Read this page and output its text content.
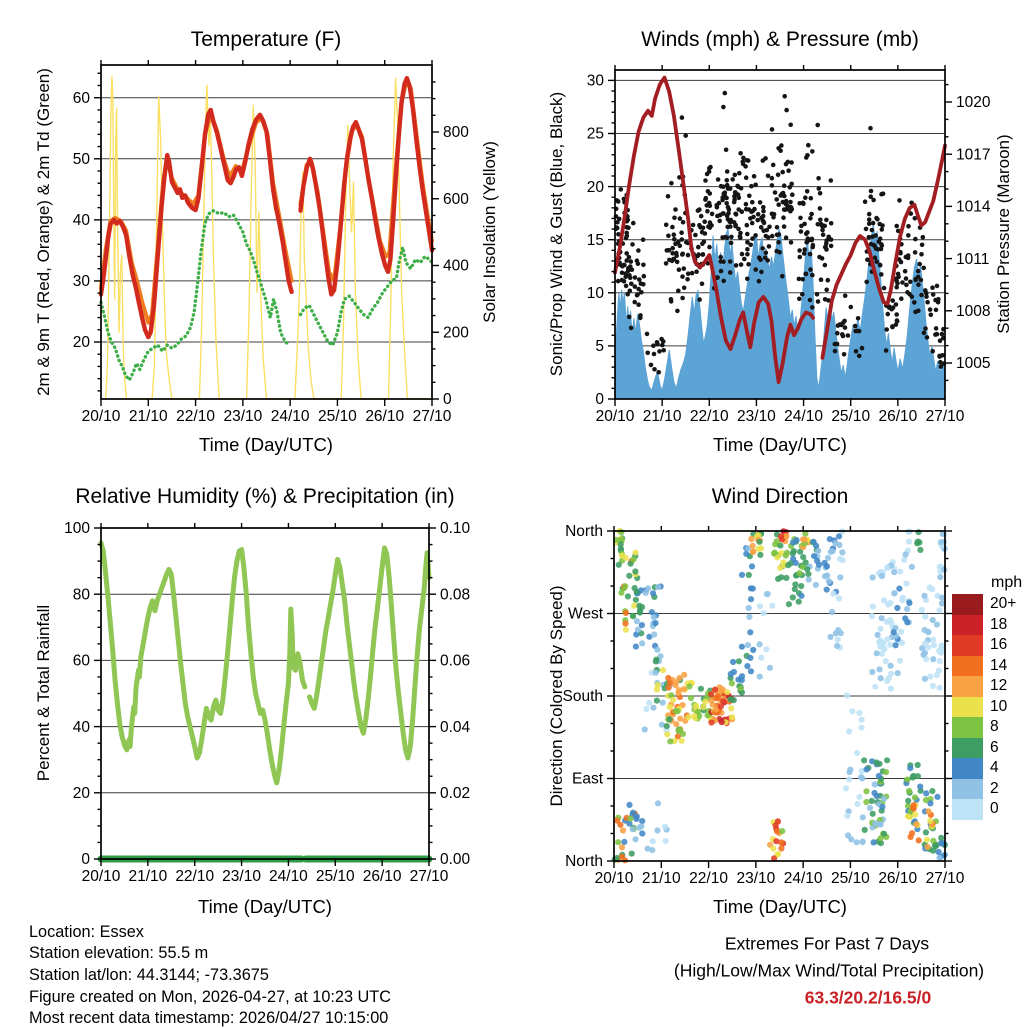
20
30
40
50
60
0
200
400
600
800
20/10 21/10 22/10 23/10 24/10 25/10 26/10 27/10
0
5
10
15
20
25
30
1005
1008
1011
1014
1017
1020
20/10 21/10 22/10 23/10 24/10 25/10 26/10 27/10
0
20
40
60
80
100
0.00
0.02
0.04
0.06
0.08
0.10
20/10 21/10 22/10 23/10 24/10 25/10 26/10 27/10
North
West
South
East
North
20/10 21/10 22/10 23/10 24/10 25/10 26/10 27/10
Temperature (F)	Winds (mph) & Pressure (mb)
Relative Humidity (%) & Precipitation (in)	Wind Direction
Time (Day/UTC)	Time (Day/UTC)
Time (Day/UTC)	Time (Day/UTC)
2m & 9m T (Red, Orange) & 2m Td (Green)	Solar Insolation (Yellow)	Sonic/Prop Wind & Gust (Blue, Black)	Station Pressure (Maroon)
Percent & Total Rainfall	Direction (Colored By Speed)
mph
20+
18
16
14
12
10
8
6
4
2
0
Extremes For Past 7 Days
(High/Low/Max Wind/Total Precipitation)
63.3/20.2/16.5/0
Location: Essex
Station elevation: 55.5 m
Station lat/lon: 44.3144; -73.3675
Figure created on Mon, 2026-04-27, at 10:23 UTC
Most recent data timestamp: 2026/04/27 10:15:00
